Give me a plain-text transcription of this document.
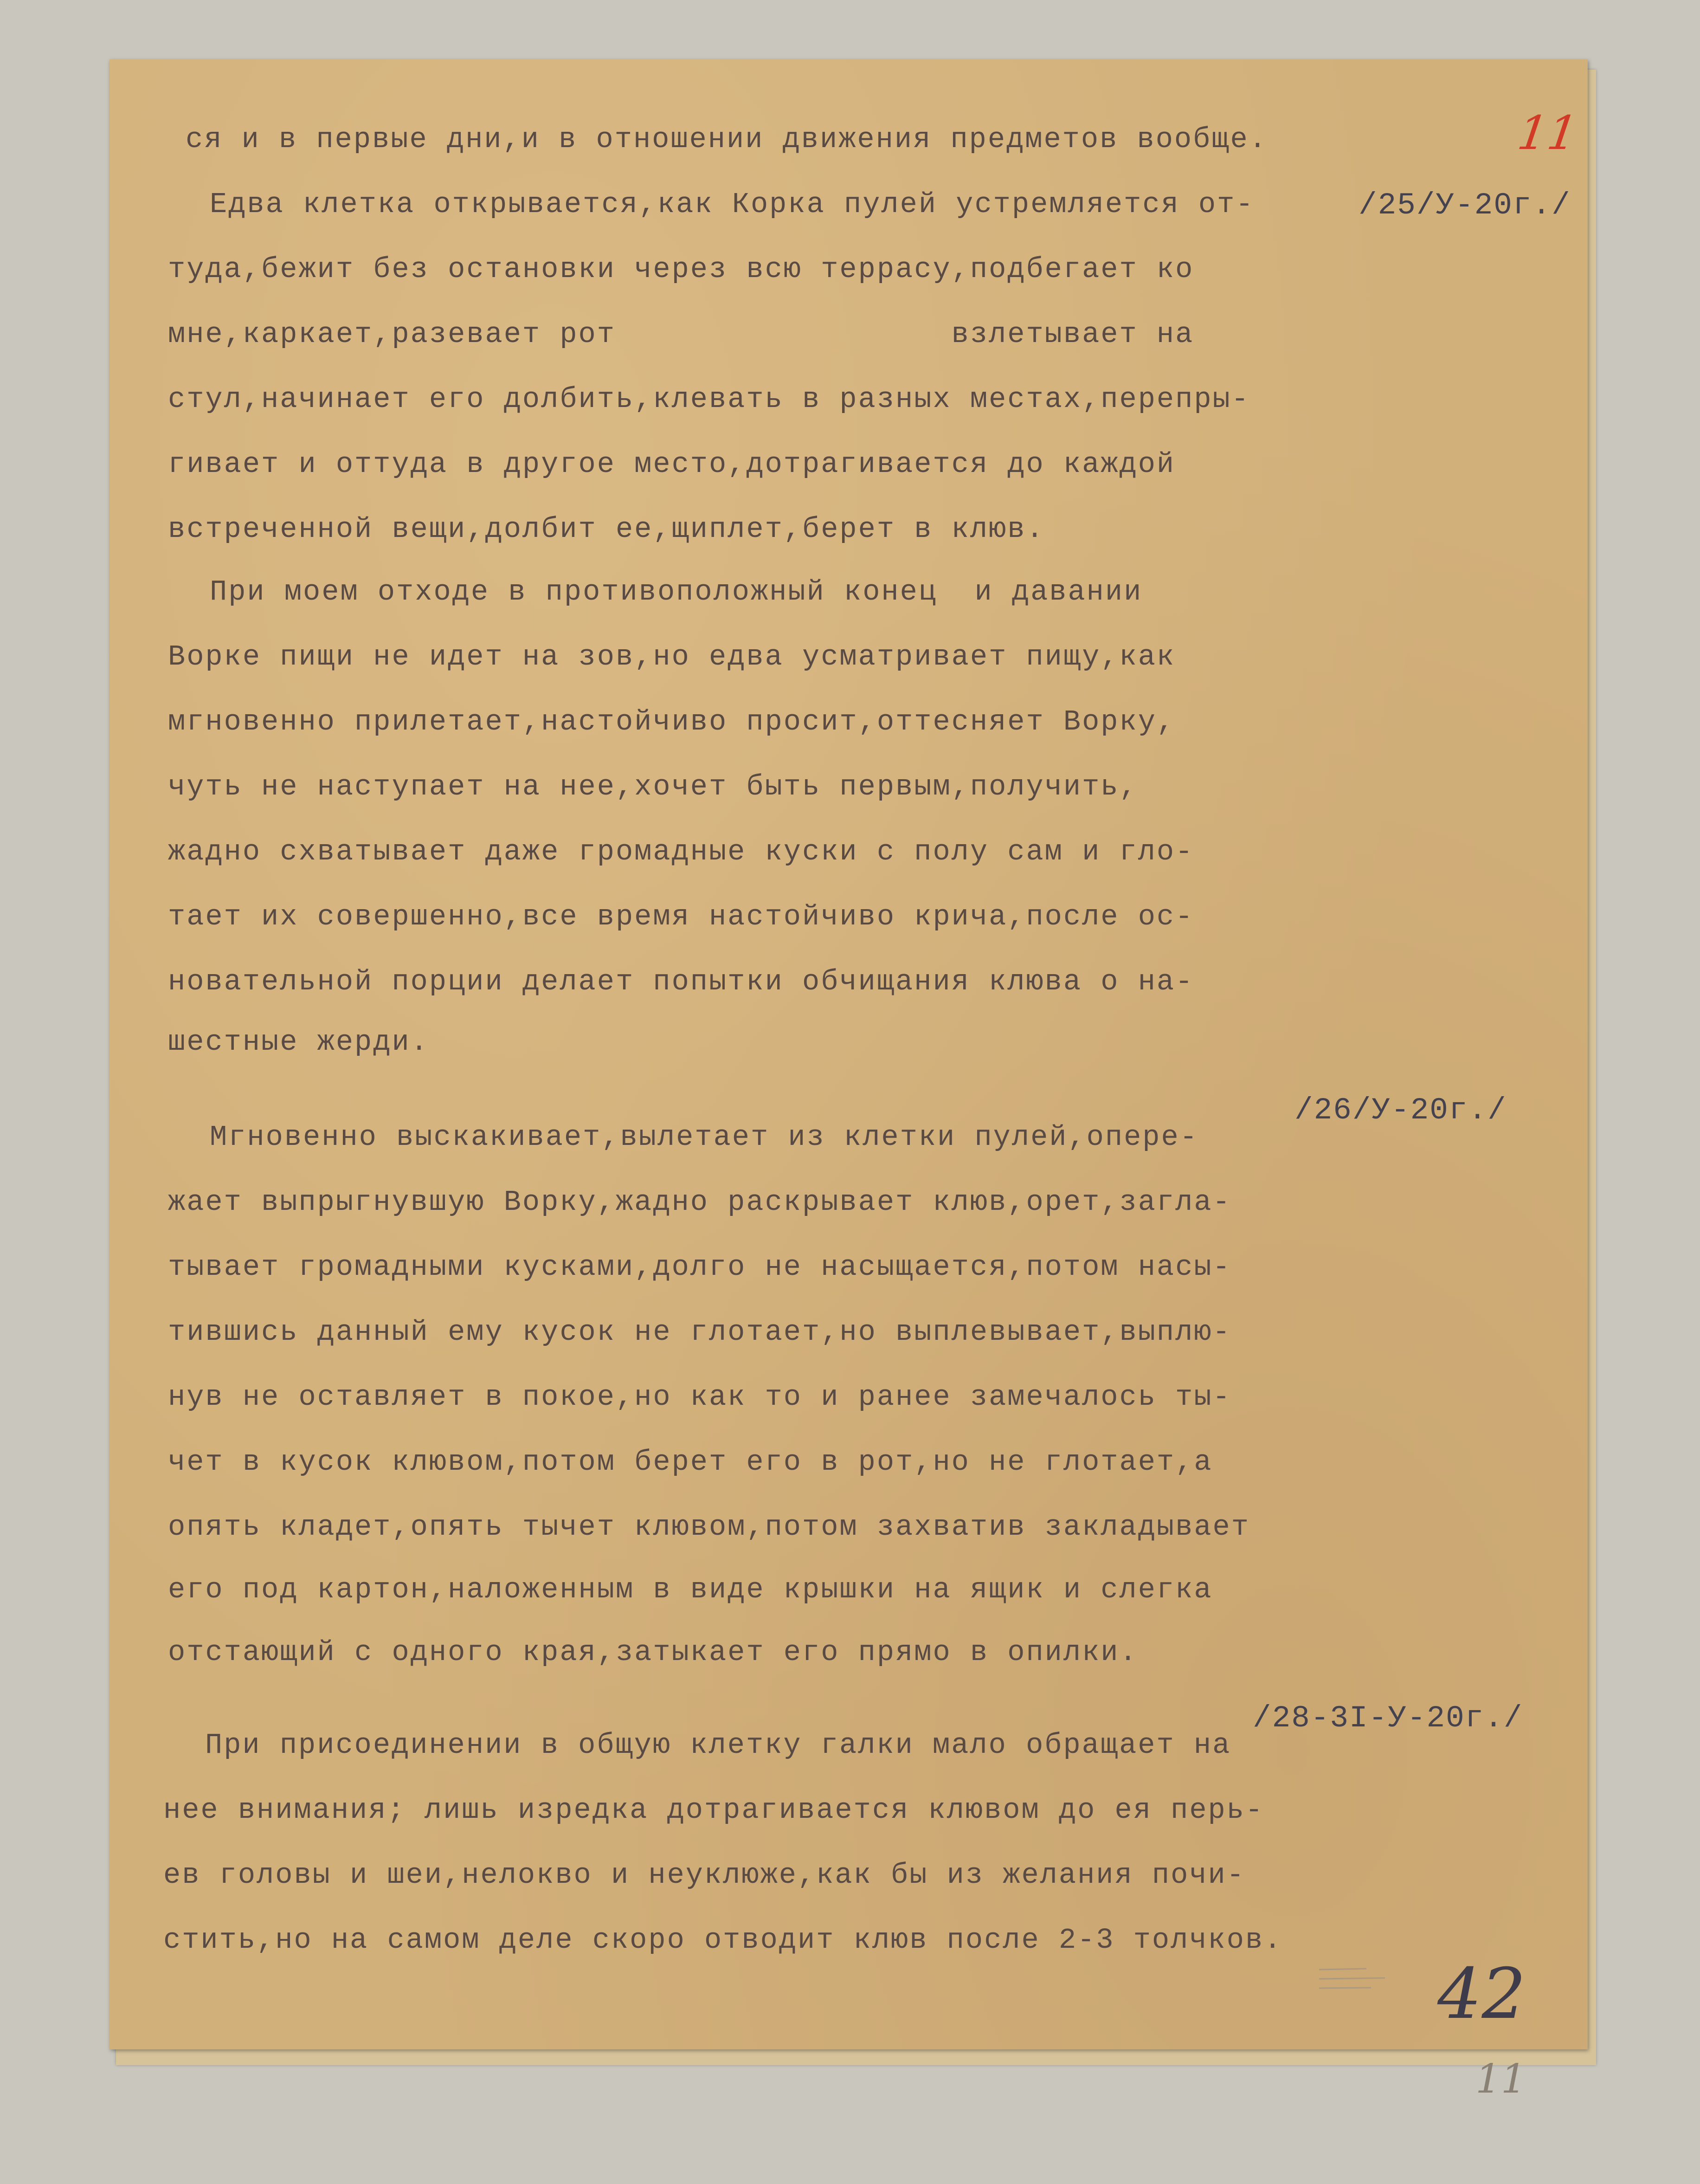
11
ся и в первые дни,и в отношении движения предметов вообще.
/25/У-20г./
Едва клетка открывается,как Корка пулей устремляется от-
туда,бежит без остановки через всю террасу,подбегает ко
мне,каркает,разевает рот                  взлетывает на
стул,начинает его долбить,клевать в разных местах,перепры-
гивает и оттуда в другое место,дотрагивается до каждой
встреченной вещи,долбит ее,щиплет,берет в клюв.
При моем отходе в противоположный конец  и давании
Ворке пищи не идет на зов,но едва усматривает пищу,как
мгновенно прилетает,настойчиво просит,оттесняет Ворку,
чуть не наступает на нее,хочет быть первым,получить,
жадно схватывает даже громадные куски с полу сам и гло-
тает их совершенно,все время настойчиво крича,после ос-
новательной порции делает попытки обчищания клюва о на-
шестные жерди.
/26/У-20г./
Мгновенно выскакивает,вылетает из клетки пулей,опере-
жает выпрыгнувшую Ворку,жадно раскрывает клюв,орет,загла-
тывает громадными кусками,долго не насыщается,потом насы-
тившись данный ему кусок не глотает,но выплевывает,выплю-
нув не оставляет в покое,но как то и ранее замечалось ты-
чет в кусок клювом,потом берет его в рот,но не глотает,а
опять кладет,опять тычет клювом,потом захватив закладывает
его под картон,наложенным в виде крышки на ящик и слегка
отстающий с одного края,затыкает его прямо в опилки.
/28-3I-У-20г./
При присоединении в общую клетку галки мало обращает на
нее внимания; лишь изредка дотрагивается клювом до ея перь-
ев головы и шеи,нелокво и неуклюже,как бы из желания почи-
стить,но на самом деле скоро отводит клюв после 2-3 толчков.
42
11
